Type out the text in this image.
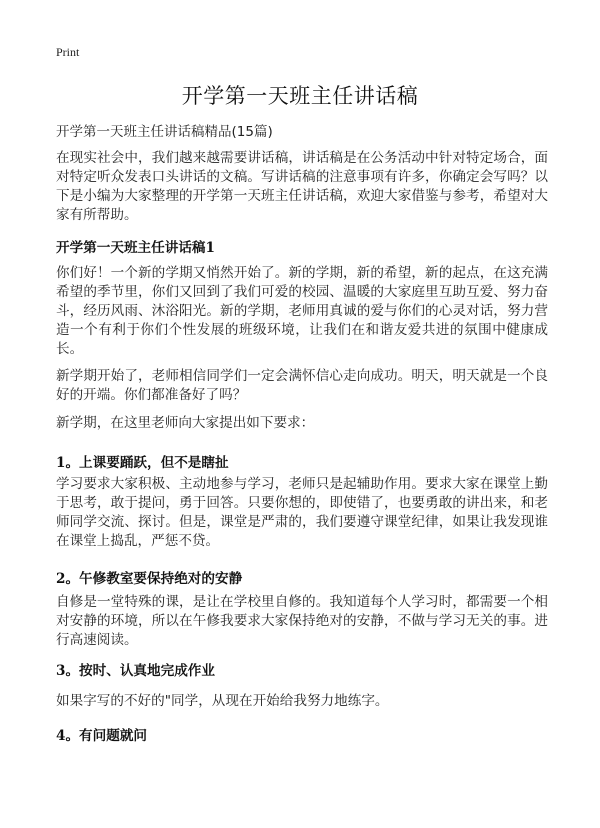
Print
开学第一天班主任讲话稿
开学第一天班主任讲话稿精品(15篇)

在现实社会中，我们越来越需要讲话稿，讲话稿是在公务活动中针对特定场合，面对特定听众发表口头讲话的文稿。写讲话稿的注意事项有许多，你确定会写吗？以下是小编为大家整理的开学第一天班主任讲话稿，欢迎大家借鉴与参考，希望对大家有所帮助。

开学第一天班主任讲话稿1

你们好！一个新的学期又悄然开始了。新的学期，新的希望，新的起点，在这充满希望的季节里，你们又回到了我们可爱的校园、温暖的大家庭里互助互爱、努力奋斗，经历风雨、沐浴阳光。新的学期，老师用真诚的爱与你们的心灵对话，努力营造一个有利于你们个性发展的班级环境，让我们在和谐友爱共进的氛围中健康成长。

新学期开始了，老师相信同学们一定会满怀信心走向成功。明天，明天就是一个良好的开端。你们都准备好了吗？

新学期，在这里老师向大家提出如下要求：

1。上课要踊跃，但不是瞎扯

学习要求大家积极、主动地参与学习，老师只是起辅助作用。要求大家在课堂上勤于思考，敢于提问，勇于回答。只要你想的，即使错了，也要勇敢的讲出来，和老师同学交流、探讨。但是，课堂是严肃的，我们要遵守课堂纪律，如果让我发现谁在课堂上捣乱，严惩不贷。

2。午修教室要保持绝对的安静

自修是一堂特殊的课，是让在学校里自修的。我知道每个人学习时，都需要一个相对安静的环境，所以在午修我要求大家保持绝对的安静，不做与学习无关的事。进行高速阅读。

3。按时、认真地完成作业

如果字写的不好的"同学，从现在开始给我努力地练字。

4。有问题就问
